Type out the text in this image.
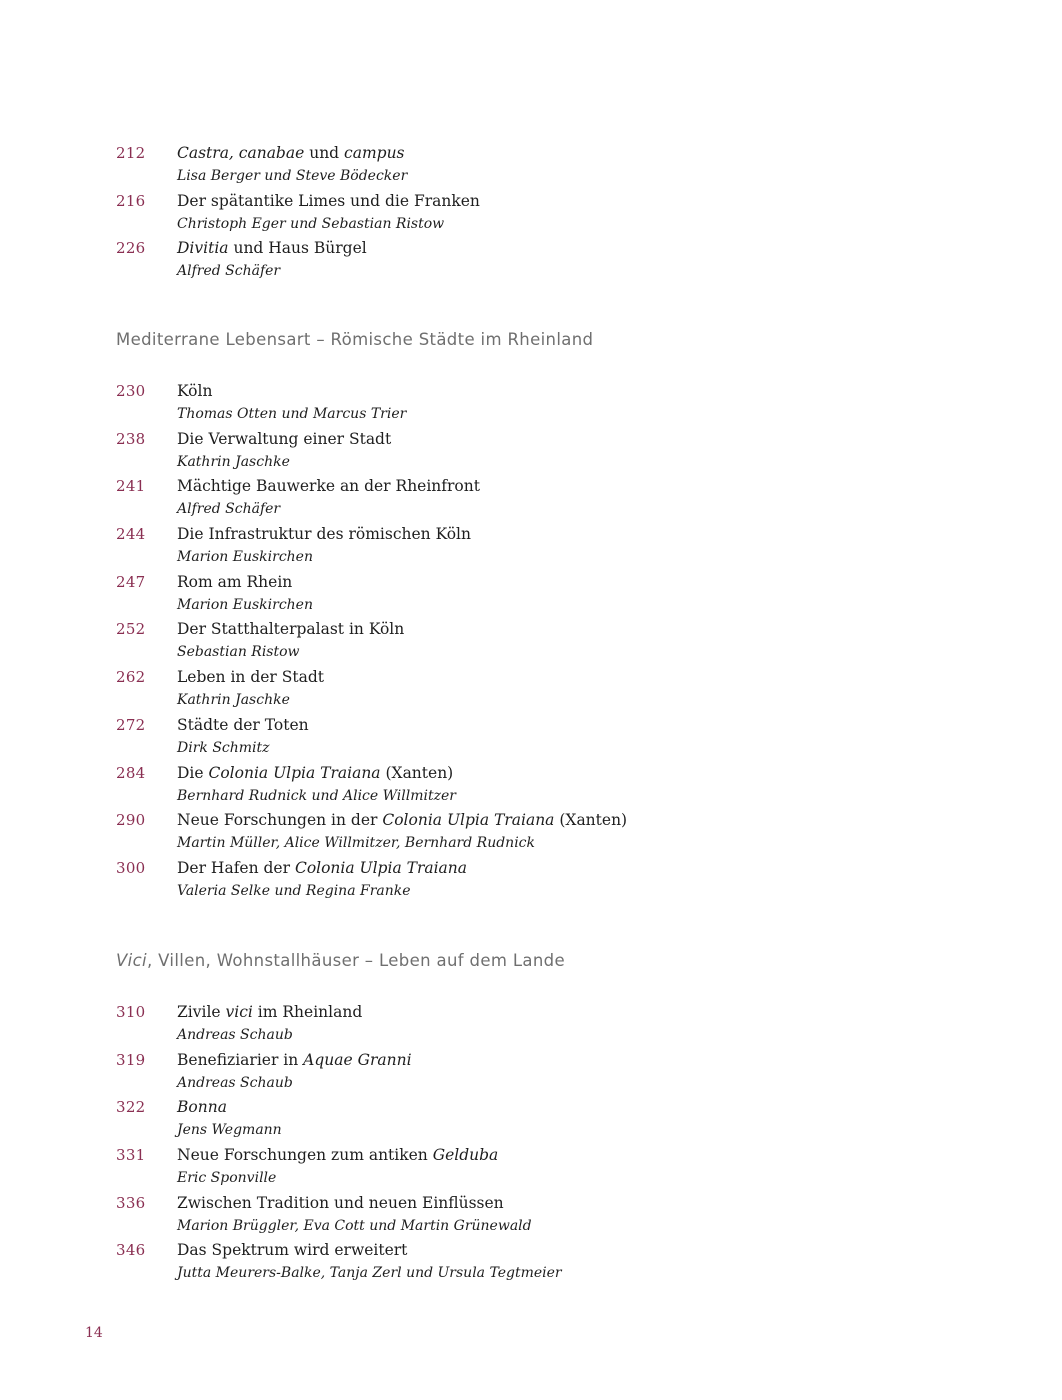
212 Castra, canabae und campus
Lisa Berger und Steve Bödecker
216 Der spätantike Limes und die Franken
Christoph Eger und Sebastian Ristow
226 Divitia und Haus Bürgel
Alfred Schäfer
Mediterrane Lebensart – Römische Städte im Rheinland
230 Köln
Thomas Otten und Marcus Trier
238 Die Verwaltung einer Stadt
Kathrin Jaschke
241 Mächtige Bauwerke an der Rheinfront
Alfred Schäfer
244 Die Infrastruktur des römischen Köln
Marion Euskirchen
247 Rom am Rhein
Marion Euskirchen
252 Der Statthalterpalast in Köln
Sebastian Ristow
262 Leben in der Stadt
Kathrin Jaschke
272 Städte der Toten
Dirk Schmitz
284 Die Colonia Ulpia Traiana (Xanten)
Bernhard Rudnick und Alice Willmitzer
290 Neue Forschungen in der Colonia Ulpia Traiana (Xanten)
Martin Müller, Alice Willmitzer, Bernhard Rudnick
300 Der Hafen der Colonia Ulpia Traiana
Valeria Selke und Regina Franke
Vici, Villen, Wohnstallhäuser – Leben auf dem Lande
310 Zivile vici im Rheinland
Andreas Schaub
319 Benefiziarier in Aquae Granni
Andreas Schaub
322 Bonna
Jens Wegmann
331 Neue Forschungen zum antiken Gelduba
Eric Sponville
336 Zwischen Tradition und neuen Einflüssen
Marion Brüggler, Eva Cott und Martin Grünewald
346 Das Spektrum wird erweitert
Jutta Meurers-Balke, Tanja Zerl und Ursula Tegtmeier
14
